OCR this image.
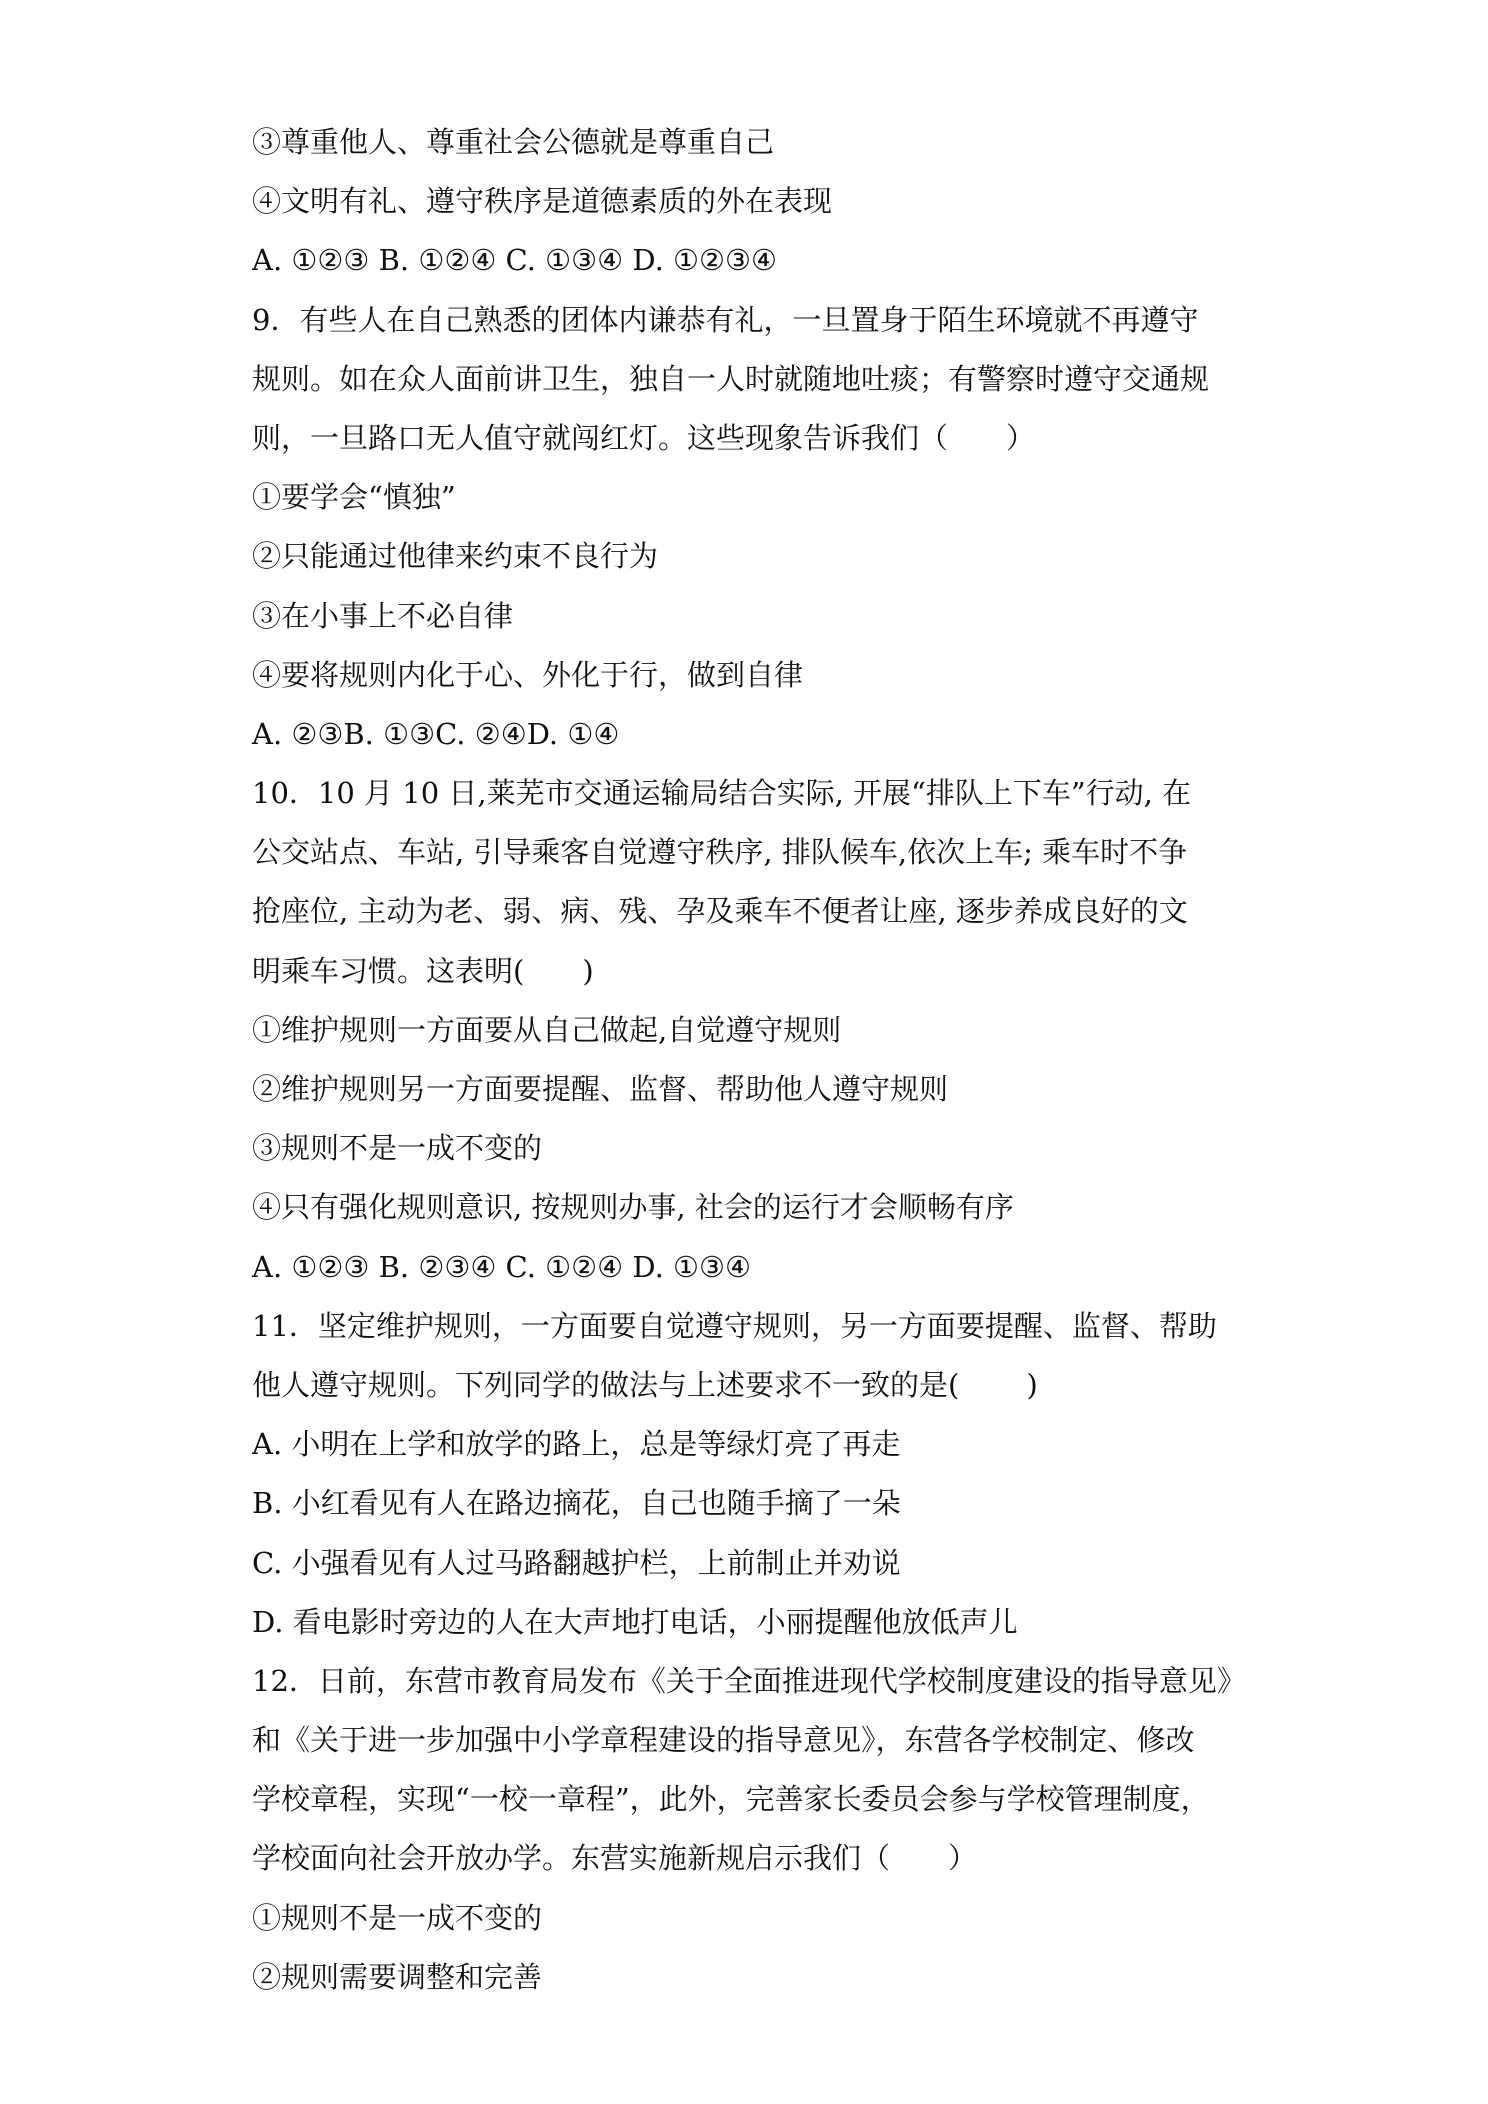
③尊重他人、尊重社会公德就是尊重自己
④文明有礼、遵守秩序是道德素质的外在表现
A. ①②③ B. ①②④ C. ①③④ D. ①②③④
9．有些人在自己熟悉的团体内谦恭有礼，一旦置身于陌生环境就不再遵守
规则。如在众人面前讲卫生，独自一人时就随地吐痰；有警察时遵守交通规
则，一旦路口无人值守就闯红灯。这些现象告诉我们（　　）
①要学会“慎独”
②只能通过他律来约束不良行为
③在小事上不必自律
④要将规则内化于心、外化于行，做到自律
A. ②③B. ①③C. ②④D. ①④
10．10 月 10 日,莱芜市交通运输局结合实际, 开展“排队上下车”行动, 在
公交站点、车站, 引导乘客自觉遵守秩序, 排队候车,依次上车; 乘车时不争
抢座位, 主动为老、弱、病、残、孕及乘车不便者让座, 逐步养成良好的文
明乘车习惯。这表明(　　)
①维护规则一方面要从自己做起,自觉遵守规则
②维护规则另一方面要提醒、监督、帮助他人遵守规则
③规则不是一成不变的
④只有强化规则意识, 按规则办事, 社会的运行才会顺畅有序
A. ①②③ B. ②③④ C. ①②④ D. ①③④
11．坚定维护规则，一方面要自觉遵守规则，另一方面要提醒、监督、帮助
他人遵守规则。下列同学的做法与上述要求不一致的是(　　 )
A. 小明在上学和放学的路上，总是等绿灯亮了再走
B. 小红看见有人在路边摘花，自己也随手摘了一朵
C. 小强看见有人过马路翻越护栏，上前制止并劝说
D. 看电影时旁边的人在大声地打电话，小丽提醒他放低声儿
12．日前，东营市教育局发布《关于全面推进现代学校制度建设的指导意见》
和《关于进一步加强中小学章程建设的指导意见》，东营各学校制定、修改
学校章程，实现“一校一章程”，此外，完善家长委员会参与学校管理制度，
学校面向社会开放办学。东营实施新规启示我们（　　）
①规则不是一成不变的
②规则需要调整和完善
